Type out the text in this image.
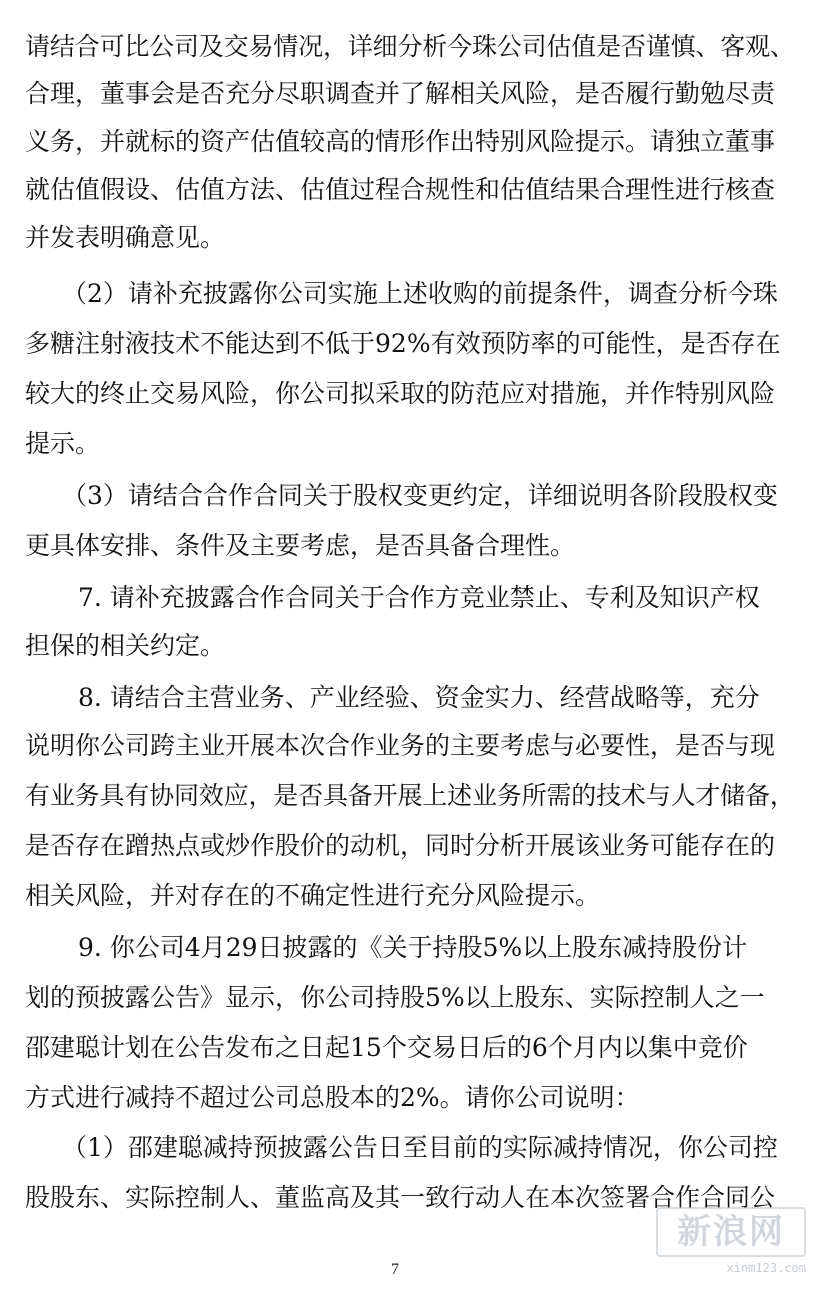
请结合可比公司及交易情况，详细分析今珠公司估值是否谨慎、客观、
合理，董事会是否充分尽职调查并了解相关风险，是否履行勤勉尽责
义务，并就标的资产估值较高的情形作出特别风险提示。请独立董事
就估值假设、估值方法、估值过程合规性和估值结果合理性进行核查
并发表明确意见。
（2）请补充披露你公司实施上述收购的前提条件，调查分析今珠
多糖注射液技术不能达到不低于92%有效预防率的可能性，是否存在
较大的终止交易风险，你公司拟采取的防范应对措施，并作特别风险
提示。
（3）请结合合作合同关于股权变更约定，详细说明各阶段股权变
更具体安排、条件及主要考虑，是否具备合理性。
7. 请补充披露合作合同关于合作方竞业禁止、专利及知识产权
担保的相关约定。
8. 请结合主营业务、产业经验、资金实力、经营战略等，充分
说明你公司跨主业开展本次合作业务的主要考虑与必要性，是否与现
有业务具有协同效应，是否具备开展上述业务所需的技术与人才储备，
是否存在蹭热点或炒作股价的动机，同时分析开展该业务可能存在的
相关风险，并对存在的不确定性进行充分风险提示。
9. 你公司4月29日披露的《关于持股5%以上股东减持股份计
划的预披露公告》显示，你公司持股5%以上股东、实际控制人之一
邵建聪计划在公告发布之日起15个交易日后的6个月内以集中竞价
方式进行减持不超过公司总股本的2%。请你公司说明：
（1）邵建聪减持预披露公告日至目前的实际减持情况，你公司控
股股东、实际控制人、董监高及其一致行动人在本次签署合作合同公
7
新浪网
xinm123.com
